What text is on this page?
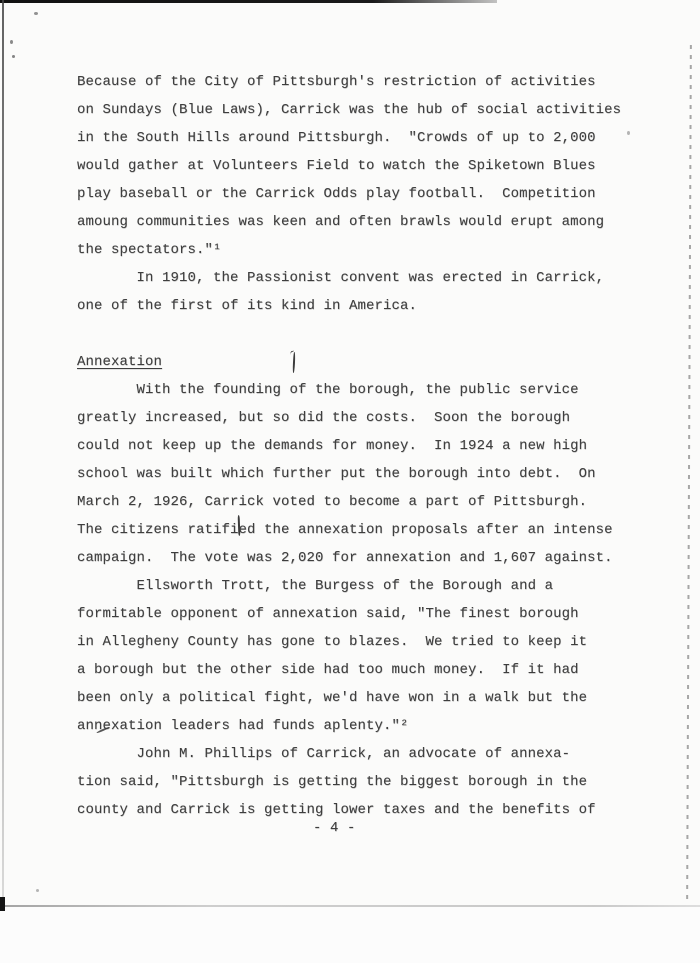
Because of the City of Pittsburgh's restriction of activities
on Sundays (Blue Laws), Carrick was the hub of social activities
in the South Hills around Pittsburgh.  "Crowds of up to 2,000
would gather at Volunteers Field to watch the Spiketown Blues
play baseball or the Carrick Odds play football.  Competition
amoung communities was keen and often brawls would erupt among
the spectators."¹
In 1910, the Passionist convent was erected in Carrick,
one of the first of its kind in America.
Annexation
With the founding of the borough, the public service
greatly increased, but so did the costs.  Soon the borough
could not keep up the demands for money.  In 1924 a new high
school was built which further put the borough into debt.  On
March 2, 1926, Carrick voted to become a part of Pittsburgh.
The citizens ratified the annexation proposals after an intense
campaign.  The vote was 2,020 for annexation and 1,607 against.
Ellsworth Trott, the Burgess of the Borough and a
formitable opponent of annexation said, "The finest borough
in Allegheny County has gone to blazes.  We tried to keep it
a borough but the other side had too much money.  If it had
been only a political fight, we'd have won in a walk but the
annexation leaders had funds aplenty."²
John M. Phillips of Carrick, an advocate of annexa-
tion said, "Pittsburgh is getting the biggest borough in the
county and Carrick is getting lower taxes and the benefits of
- 4 -
